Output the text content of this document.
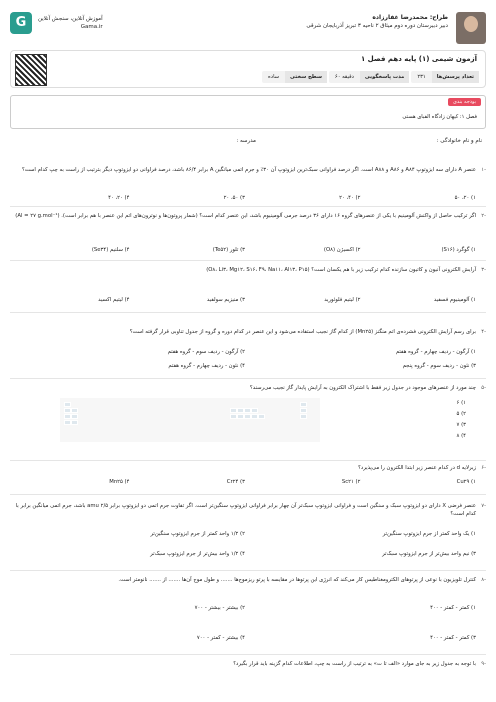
G	آموزش آنلاین، سنجش آنلاین
Gama.ir
طراح: محمدرضا غفارزاده
دبیر دبیرستان دوره دوم میثاق ۲ ناحیه ۳ تبریز آذربایجان شرقی
آزمون شیمی (۱) پایه دهم فصل ۱
تعداد پرسش‌ها
۲۳۱
مدت پاسخگویی
۶۰ دقیقه
سطح سختی
ساده
بودجه بندی
فصل ۱: کیهان زادگاه الفبای هستی
نام و نام خانوادگی :
مدرسه :
۱-
عنصر A دارای سه ایزوتوپ A۸۴ و A۸۶ و A۸۸ است. اگر درصد فراوانی سبک‌ترین ایزوتوپ آن ۳۰٪ و جرم اتمی میانگین A برابر ۸۶/۴ باشد، درصد فراوانی دو ایزوتوپ دیگر بترتیب از راست به چپ کدام است؟
۱) ۲۰، ۵۰
۲) ۴۰، ۲۰
۳) ۵۰، ۲۰
۴) ۲۰، ۴۰
۲-
اگر ترکیب حاصل از واکنش آلومینیم با یکی از عنصرهای گروه ۱۶ دارای ۳۶ درصد جرمی آلومینیوم باشد، این عنصر کدام است؟ (شمار پروتون‌ها و نوترون‌های اتم این عنصر با هم برابر است). (Al = ۲۷ g.mol⁻¹)
۱) گوگرد (S۱۶)
۲) اکسیژن (O۸)
۳) تلور (Te۵۲)
۴) سلنیم (Se۳۴)
۳-
آرایش الکترونی آنیون و کاتیون سازنده کدام ترکیب زیر با هم یکسان است؟ (O۸، Li۳، Mg۱۲، S۱۶، F۹، Na۱۱، Al۱۳، P۱۵)
۱) آلومینیوم فسفید
۲) لیتیم فلوئورید
۳) منیزیم سولفید
۴) لیتیم اکسید
۴-
برای رسم آرایش الکترونی فشرده‌ی اتم منگنز (Mn۲۵) از کدام گاز نجیب استفاده می‌شود و این عنصر در کدام دوره و گروه از جدول تناوبی قرار گرفته است؟
۱) آرگون - ردیف چهارم - گروه هفتم
۲) آرگون - ردیف سوم - گروه هفتم
۳) نئون - ردیف سوم - گروه پنجم
۴) نئون - ردیف چهارم - گروه هفتم
۵-
چند مورد از عنصرهای موجود در جدول زیر فقط با اشتراک الکترون به آرایش پایدار گاز نجیب می‌رسند؟
۶ (۱
۵ (۲
۷ (۳
۸ (۴
۶-
زیرلایه d در کدام عنصر زیر ابتدا الکترون را می‌پذیرد؟
۱) Cu۲۹
۲) Sc۲۱
۳) Cr۲۴
۴) Mn۲۵
۷-
عنصر فرضی X دارای دو ایزوتوپ سبک و سنگین است و فراوانی ایزوتوپ سبک‌تر آن چهار برابر فراوانی ایزوتوپ سنگین‌تر است. اگر تفاوت جرم اتمی دو ایزوتوپ برابر ۲/۵ amu باشد، جرم اتمی میانگین برابر با کدام است؟
۱) یک واحد کمتر از جرم ایزوتوپ سنگین‌تر
۲) ۱/۲ واحد کمتر از جرم ایزوتوپ سنگین‌تر
۳) نیم واحد بیش‌تر از جرم ایزوتوپ سبک‌تر
۴) ۱/۲ واحد بیش‌تر از جرم ایزوتوپ سبک‌تر
۸-
کنترل تلویزیون با نوعی از پرتوهای الکترومغناطیس کار می‌کند که انرژی این پرتوها در مقایسه با پرتو ریزموج‌ها ....... و طول موج آن‌ها ....... از ....... نانومتر است.
۱) کمتر - کمتر - ۴۰۰
۲) بیشتر - بیشتر - ۷۰۰
۳) کمتر - کمتر - ۴۰۰
۴) بیشتر - کمتر - ۷۰۰
۹-
با توجه به جدول زیر به جای موارد «الف تا ت» به ترتیب از راست به چپ، اطلاعات کدام گزینه باید قرار بگیرد؟
